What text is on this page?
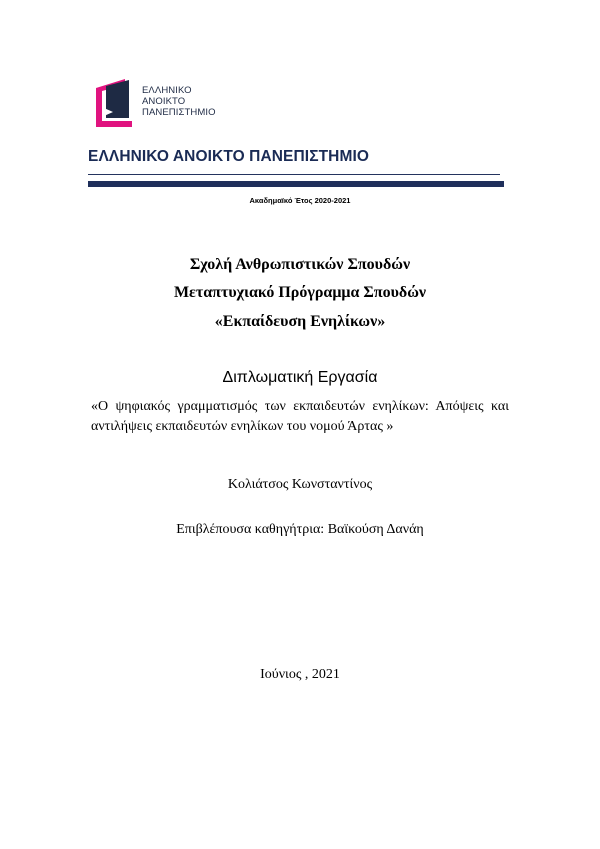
ΕΛΛΗΝΙΚΟ
ΑΝΟΙΚΤΟ
ΠΑΝΕΠΙΣΤΗΜΙΟ
ΕΛΛΗΝΙΚΟ ΑΝΟΙΚΤΟ ΠΑΝΕΠΙΣΤΗΜΙΟ
Ακαδημαϊκό Έτος 2020-2021
Σχολή Ανθρωπιστικών Σπουδών
Μεταπτυχιακό Πρόγραμμα Σπουδών
«Εκπαίδευση Ενηλίκων»
Διπλωματική Εργασία
«Ο ψηφιακός γραμματισμός των εκπαιδευτών ενηλίκων: Απόψεις και αντιλήψεις εκπαιδευτών ενηλίκων του νομού Άρτας »
Κολιάτσος Κωνσταντίνος
Επιβλέπουσα καθηγήτρια: Βαϊκούση Δανάη
Ιούνιος , 2021
